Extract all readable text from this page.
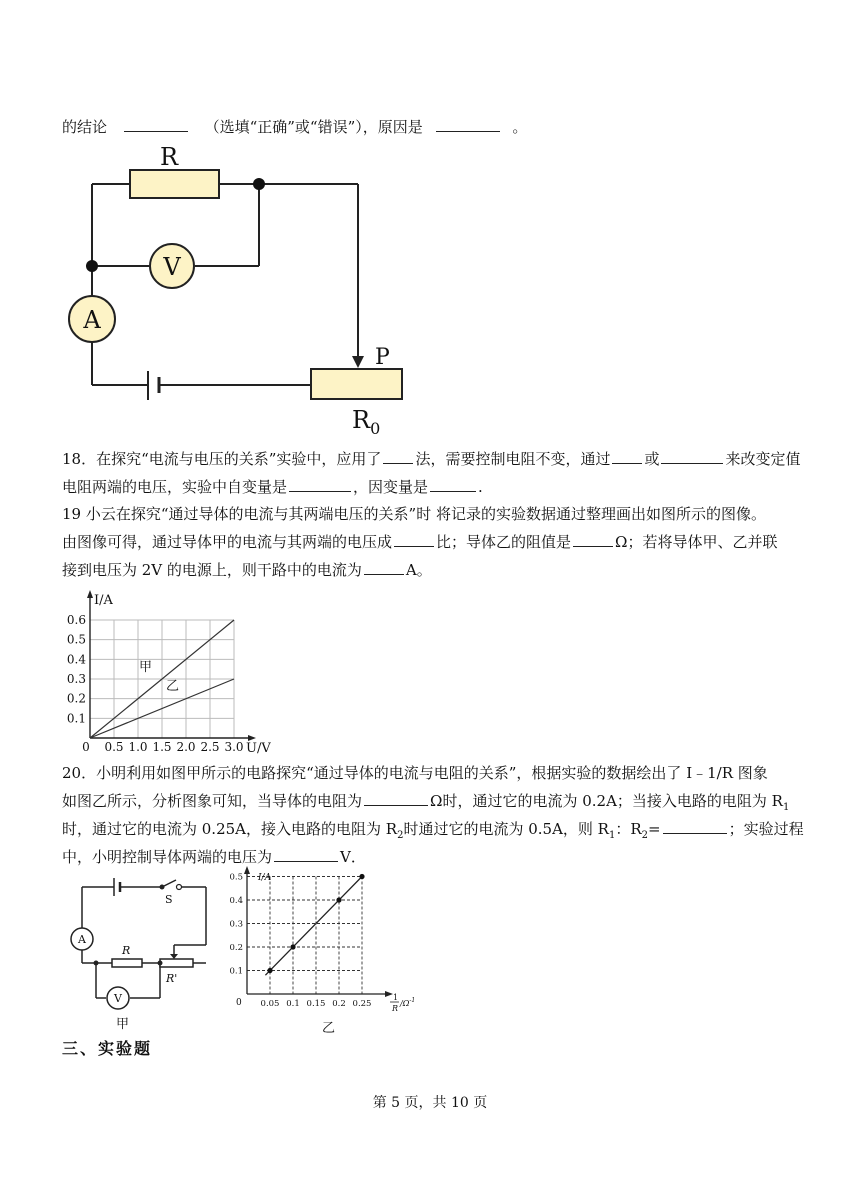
的结论	（选填“正确”或“错误”），原因是	。
R
V
A
P
$R_0$
18．在探究“电流与电压的关系”实验中，应用了 法，需要控制电阻不变，通过 或	来改变定值
电阻两端的电压，实验中自变量是	，因变量是	.
19 小云在探究“通过导体的电流与其两端电压的关系”时 将记录的实验数据通过整理画出如图所示的图像。
由图像可得，通过导体甲的电流与其两端的电压成	比；导体乙的阻值是	Ω；若将导体甲、乙并联
接到电压为 2V 的电源上，则干路中的电流为	A。
0 0.5 1.0 1.5 2.0 2.5 3.0
0.1
0.2
0.3
0.4
0.5
0.6
I/A
U/V
甲
乙
20．小明利用如图甲所示的电路探究“通过导体的电流与电阻的关系”，根据实验的数据绘出了 I﹣1/R 图象
如图乙所示，分析图象可知，当导体的电阻为	Ω时，通过它的电流为 0.2A；当接入电路的电阻为 $R_1$
时，通过它的电流为 0.25A，接入电路的电阻为 $R_2$时通过它的电流为 0.5A，则 $R_1$：$R_2=$	；实验过程
中，小明控制导体两端的电压为	V．
S
A
R
R'
V
甲
0.05 0.1 0.15 0.2 0.25
0.1
0.2
0.3
0.4
0.5 I/A
0
1
R
$/\Omega^{-1}$
乙
三、实验题
第 5 页，共 10 页
